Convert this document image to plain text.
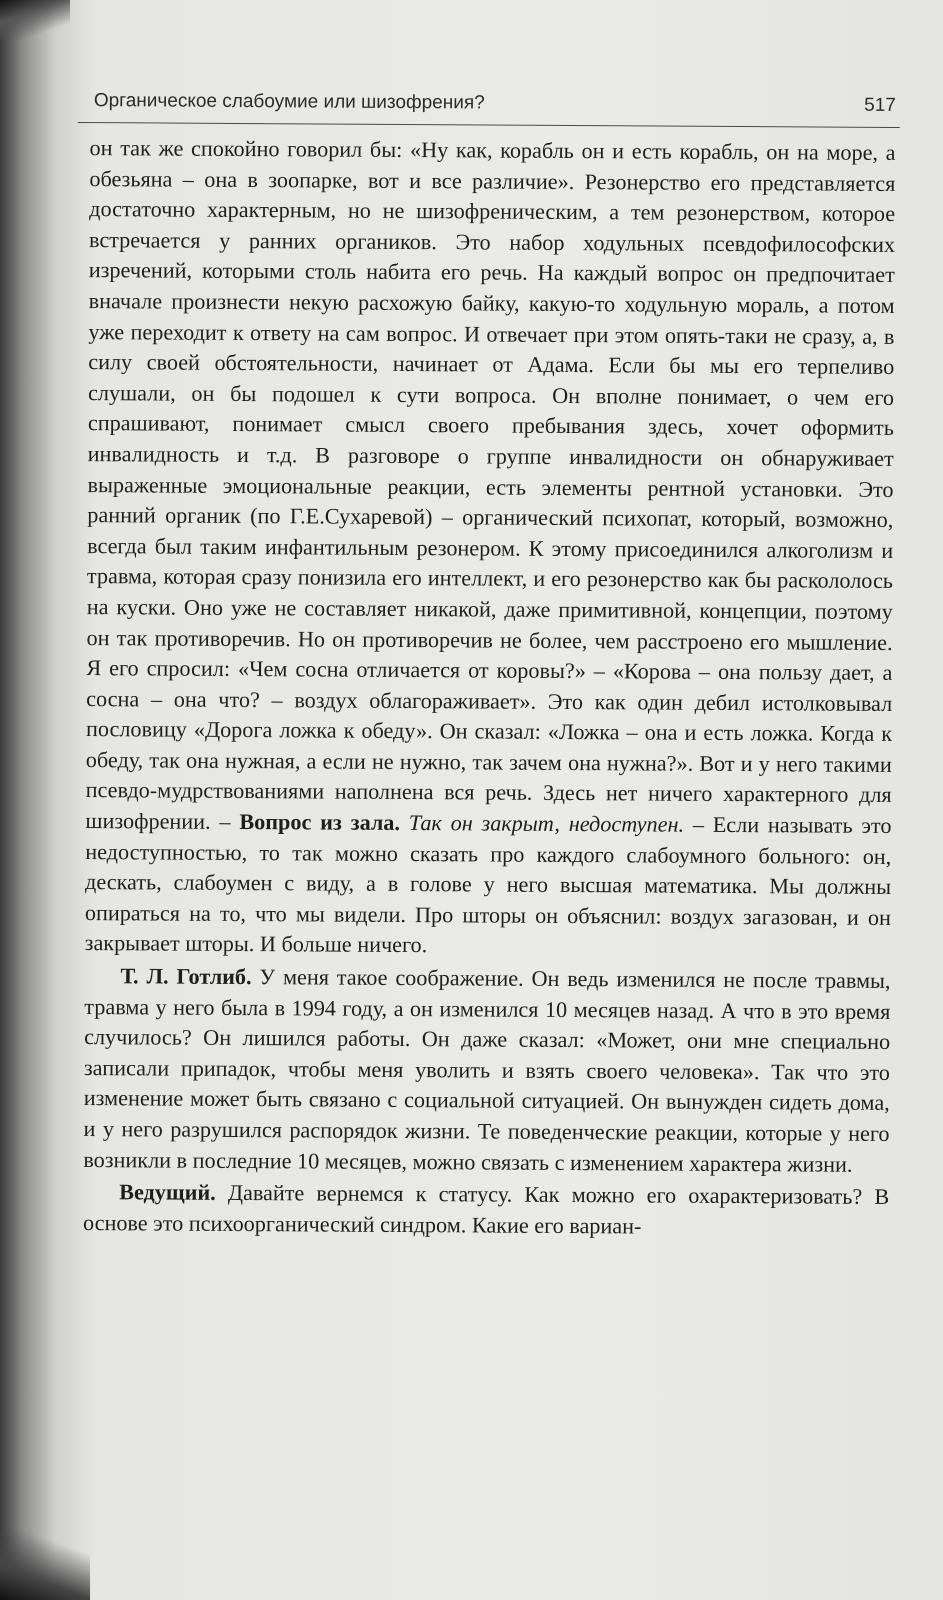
Органическое слабоумие или шизофрения?	517

он так же спокойно говорил бы: «Ну как, корабль он и есть корабль, он на море, а обезьяна – она в зоопарке, вот и все различие». Резонерство его представляется достаточно характерным, но не шизофреническим, а тем резонерством, которое встречается у ранних органиков. Это набор ходульных псевдофилософских изречений, которыми столь набита его речь. На каждый вопрос он предпочитает вначале произнести некую расхожую байку, какую-то ходульную мораль, а потом уже переходит к ответу на сам вопрос. И отвечает при этом опять-таки не сразу, а, в силу своей обстоятельности, начинает от Адама. Если бы мы его терпеливо слушали, он бы подошел к сути вопроса. Он вполне понимает, о чем его спрашивают, понимает смысл своего пребывания здесь, хочет оформить инвалидность и т.д. В разговоре о группе инвалидности он обнаруживает выраженные эмоциональные реакции, есть элементы рентной установки. Это ранний органик (по Г.Е.Сухаревой) – органический психопат, который, возможно, всегда был таким инфантильным резонером. К этому присоединился алкоголизм и травма, которая сразу понизила его интеллект, и его резонерство как бы раскололось на куски. Оно уже не составляет никакой, даже примитивной, концепции, поэтому он так противоречив. Но он противоречив не более, чем расстроено его мышление. Я его спросил: «Чем сосна отличается от коровы?» – «Корова – она пользу дает, а сосна – она что? – воздух облагораживает». Это как один дебил истолковывал пословицу «Дорога ложка к обеду». Он сказал: «Ложка – она и есть ложка. Когда к обеду, так она нужная, а если не нужно, так зачем она нужна?». Вот и у него такими псевдо-мудрствованиями наполнена вся речь. Здесь нет ничего характерного для шизофрении. – Вопрос из зала. Так он закрыт, недоступен. – Если называть это недоступностью, то так можно сказать про каждого слабоумного больного: он, дескать, слабоумен с виду, а в голове у него высшая математика. Мы должны опираться на то, что мы видели. Про шторы он объяснил: воздух загазован, и он закрывает шторы. И больше ничего.

Т. Л. Готлиб. У меня такое соображение. Он ведь изменился не после травмы, травма у него была в 1994 году, а он изменился 10 месяцев назад. А что в это время случилось? Он лишился работы. Он даже сказал: «Может, они мне специально записали припадок, чтобы меня уволить и взять своего человека». Так что это изменение может быть связано с социальной ситуацией. Он вынужден сидеть дома, и у него разрушился распорядок жизни. Те поведенческие реакции, которые у него возникли в последние 10 месяцев, можно связать с изменением характера жизни.

Ведущий. Давайте вернемся к статусу. Как можно его охарактеризовать? В основе это психоорганический синдром. Какие его вариан-
